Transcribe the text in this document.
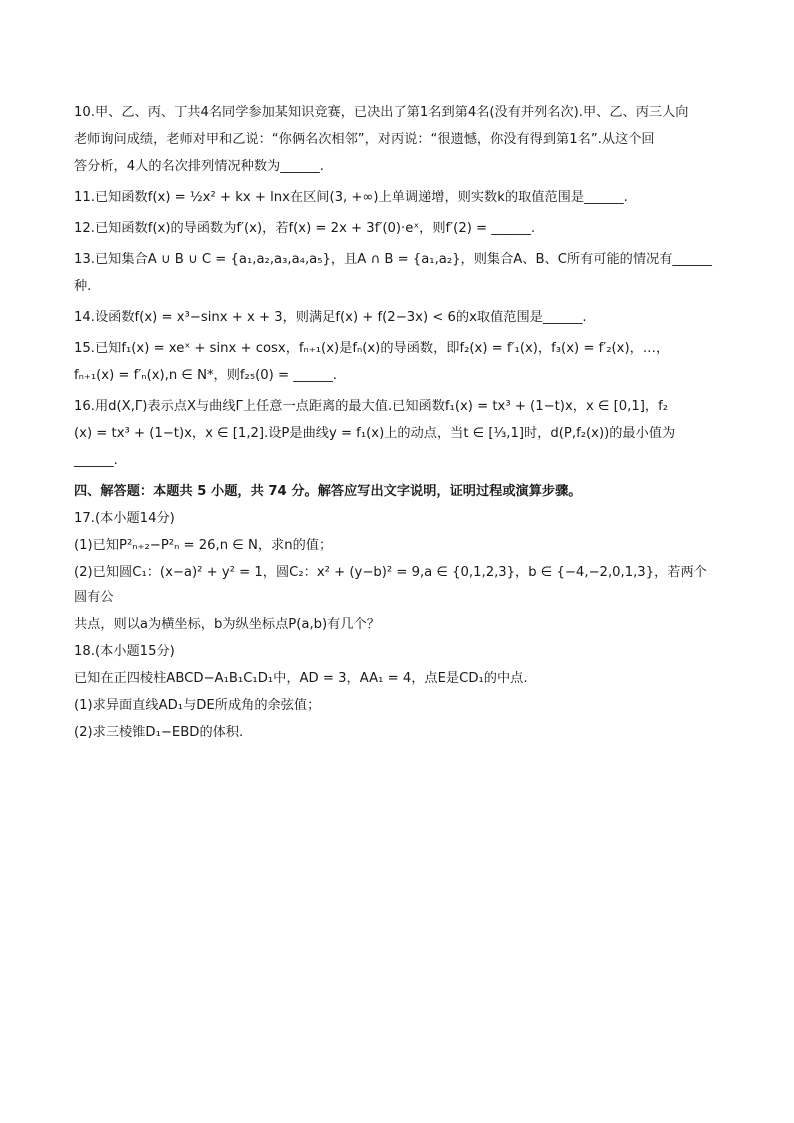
10.甲、乙、丙、丁共4名同学参加某知识竞赛，已决出了第1名到第4名(没有并列名次).甲、乙、丙三人向

老师询问成绩，老师对甲和乙说：“你俩名次相邻”，对丙说：“很遗憾，你没有得到第1名”.从这个回

答分析，4人的名次排列情况种数为______.

11.已知函数f(x) = ½x² + kx + lnx在区间(3, +∞)上单调递增，则实数k的取值范围是______.

12.已知函数f(x)的导函数为f′(x)，若f(x) = 2x + 3f′(0)·eˣ，则f′(2) = ______.

13.已知集合A ∪ B ∪ C = {a₁,a₂,a₃,a₄,a₅}，且A ∩ B = {a₁,a₂}，则集合A、B、C所有可能的情况有______

种.

14.设函数f(x) = x³−sinx + x + 3，则满足f(x) + f(2−3x) < 6的x取值范围是______.

15.已知f₁(x) = xeˣ + sinx + cosx，fₙ₊₁(x)是fₙ(x)的导函数，即f₂(x) = f′₁(x)，f₃(x) = f′₂(x)，…，

fₙ₊₁(x) = f′ₙ(x),n ∈ N*，则f₂₅(0) = ______.

16.用d(X,Γ)表示点X与曲线Γ上任意一点距离的最大值.已知函数f₁(x) = tx³ + (1−t)x，x ∈ [0,1]，f₂

(x) = tx³ + (1−t)x，x ∈ [1,2].设P是曲线y = f₁(x)上的动点，当t ∈ [⅓,1]时，d(P,f₂(x))的最小值为

______.

四、解答题：本题共 5 小题，共 74 分。解答应写出文字说明，证明过程或演算步骤。

17.(本小题14分)

(1)已知P²ₙ₊₂−P²ₙ = 26,n ∈ N，求n的值；

(2)已知圆C₁：(x−a)² + y² = 1，圆C₂：x² + (y−b)² = 9,a ∈ {0,1,2,3}，b ∈ {−4,−2,0,1,3}，若两个圆有公

共点，则以a为横坐标，b为纵坐标点P(a,b)有几个？

18.(本小题15分)

已知在正四棱柱ABCD−A₁B₁C₁D₁中，AD = 3，AA₁ = 4，点E是CD₁的中点.

(1)求异面直线AD₁与DE所成角的余弦值；

(2)求三棱锥D₁−EBD的体积.
